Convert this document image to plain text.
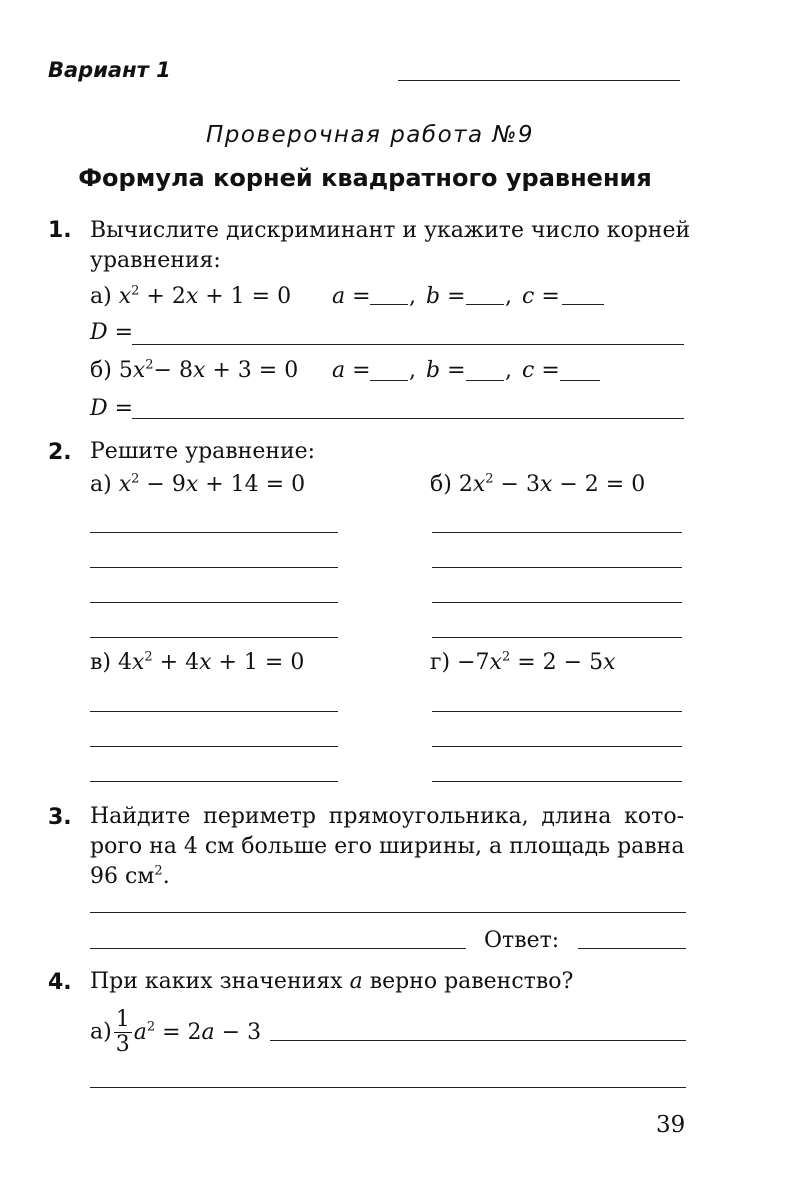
Вариант 1
Проверочная работа №9
Формула корней квадратного уравнения
1. Вычислите дискриминант и укажите число корней
уравнения:
а) $x^2 + 2x + 1 = 0$ a = , b = , c =
D =
б) $5x^2- 8x + 3 = 0$ a = , b = , c =
D =
2. Решите уравнение:
а) $x^2 - 9x + 14 = 0$	б) $2x^2 - 3x - 2 = 0$
в) $4x^2 + 4x + 1 = 0$	$г) -7x^2 = 2 - 5x$
3. Найдите периметр прямоугольника, длина кото-
рого на 4 см больше его ширины, а площадь равна
96 $см^2$.
Ответ:
4. При каких значениях a верно равенство?
$а) \frac{1}{3} a^2 = 2a - 3$
39
